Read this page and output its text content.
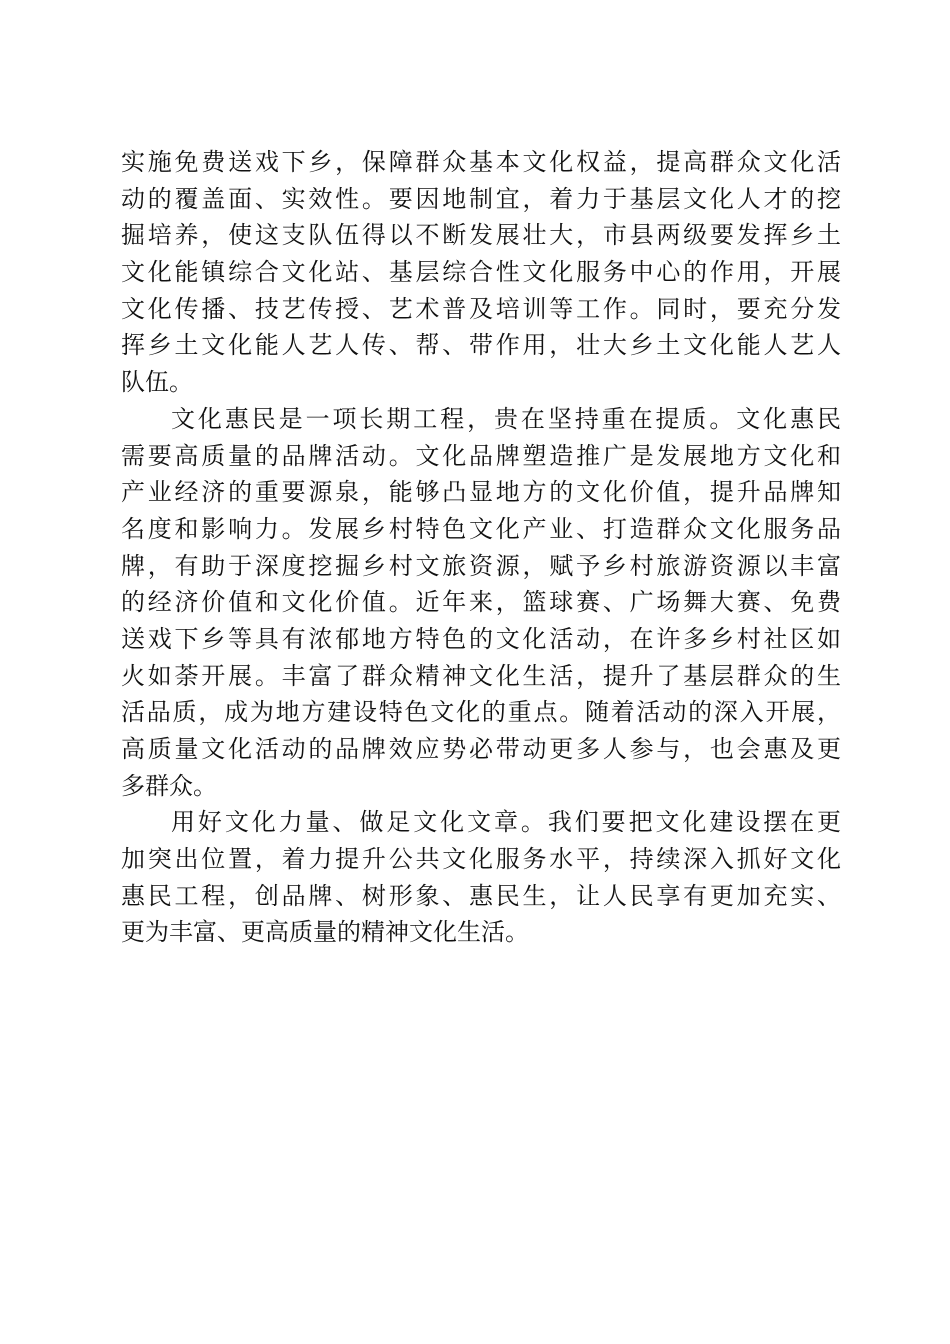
实施免费送戏下乡，保障群众基本文化权益，提高群众文化活
动的覆盖面、实效性。要因地制宜，着力于基层文化人才的挖
掘培养，使这支队伍得以不断发展壮大，市县两级要发挥乡土
文化能镇综合文化站、基层综合性文化服务中心的作用，开展
文化传播、技艺传授、艺术普及培训等工作。同时，要充分发
挥乡土文化能人艺人传、帮、带作用，壮大乡土文化能人艺人
队伍。
文化惠民是一项长期工程，贵在坚持重在提质。文化惠民
需要高质量的品牌活动。文化品牌塑造推广是发展地方文化和
产业经济的重要源泉，能够凸显地方的文化价值，提升品牌知
名度和影响力。发展乡村特色文化产业、打造群众文化服务品
牌，有助于深度挖掘乡村文旅资源，赋予乡村旅游资源以丰富
的经济价值和文化价值。近年来，篮球赛、广场舞大赛、免费
送戏下乡等具有浓郁地方特色的文化活动，在许多乡村社区如
火如荼开展。丰富了群众精神文化生活，提升了基层群众的生
活品质，成为地方建设特色文化的重点。随着活动的深入开展，
高质量文化活动的品牌效应势必带动更多人参与，也会惠及更
多群众。
用好文化力量、做足文化文章。我们要把文化建设摆在更
加突出位置，着力提升公共文化服务水平，持续深入抓好文化
惠民工程，创品牌、树形象、惠民生，让人民享有更加充实、
更为丰富、更高质量的精神文化生活。
